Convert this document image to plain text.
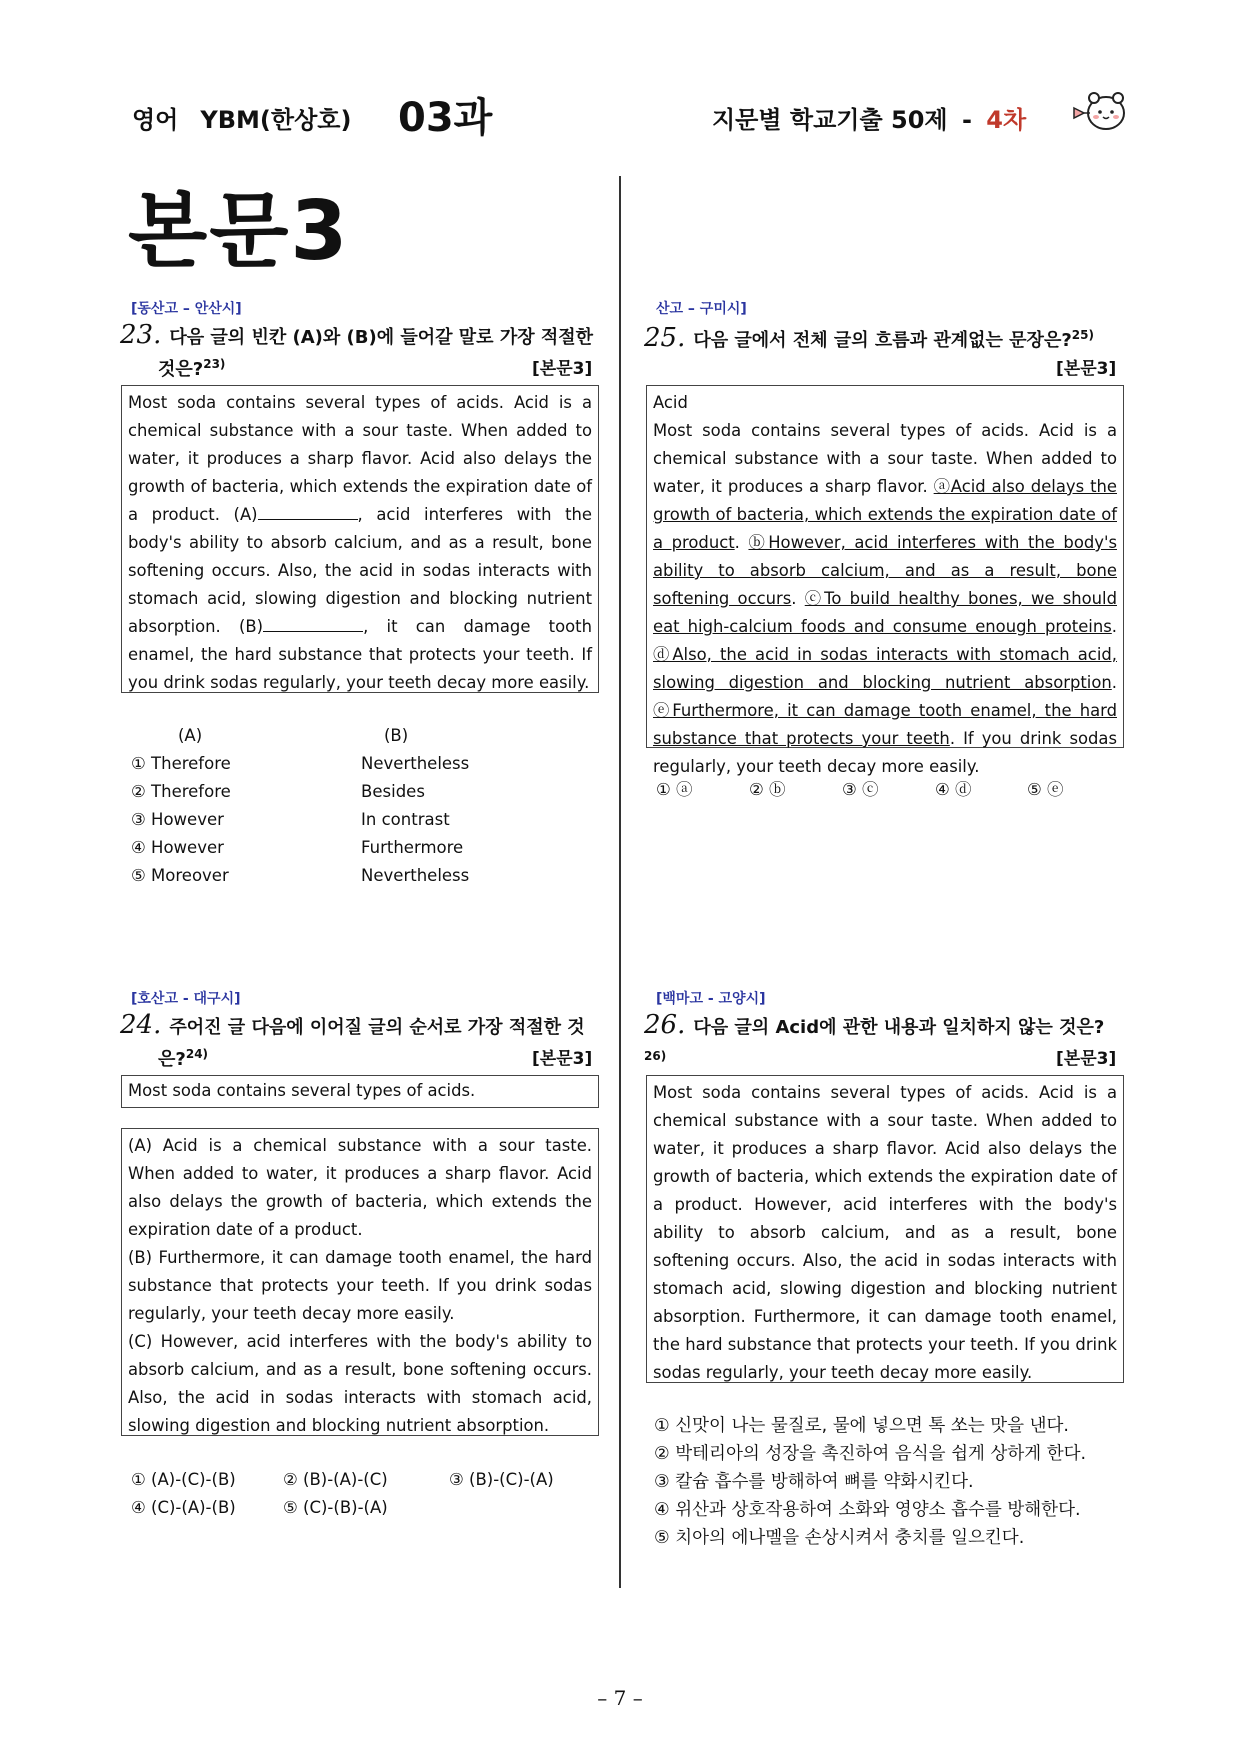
영어 YBM(한상호) 03과	지문별 학교기출 50제 - 4차
본문3
[동산고 – 안산시]
23. 다음 글의 빈칸 (A)와 (B)에 들어갈 말로 가장 적절한
것은?$^{23)}$	[본문3]
Most soda contains several types of acids. Acid is a chemical substance with a sour taste. When added to water, it produces a sharp flavor. Acid also delays the growth of bacteria, which extends the expiration date of a product. (A)	, acid interferes with the body's ability to absorb calcium, and as a result, bone softening occurs. Also, the acid in sodas interacts with stomach acid, slowing digestion and blocking nutrient absorption. (B)	, it can damage tooth enamel, the hard substance that protects your teeth. If you drink sodas regularly, your teeth decay more easily.
(A)	(B)
① Therefore	Nevertheless
② Therefore	Besides
③ However	In contrast
④ However	Furthermore
⑤ Moreover	Nevertheless
[호산고 - 대구시]
24. 주어진 글 다음에 이어질 글의 순서로 가장 적절한 것
은?$^{24)}$	[본문3]
Most soda contains several types of acids.
(A) Acid is a chemical substance with a sour taste. When added to water, it produces a sharp flavor. Acid also delays the growth of bacteria, which extends the expiration date of a product.
(B) Furthermore, it can damage tooth enamel, the hard substance that protects your teeth. If you drink sodas regularly, your teeth decay more easily.
(C) However, acid interferes with the body's ability to absorb calcium, and as a result, bone softening occurs. Also, the acid in sodas interacts with stomach acid, slowing digestion and blocking nutrient absorption.
① (A)-(C)-(B)	② (B)-(A)-(C)	③ (B)-(C)-(A)
④ (C)-(A)-(B)	⑤ (C)-(B)-(A)
산고 – 구미시]
25. 다음 글에서 전체 글의 흐름과 관계없는 문장은?$^{25)}$
[본문3]
Acid
Most soda contains several types of acids. Acid is a chemical substance with a sour taste. When added to water, it produces a sharp flavor. ⓐAcid also delays the growth of bacteria, which extends the expiration date of a product. ⓑHowever, acid interferes with the body's ability to absorb calcium, and as a result, bone softening occurs. ⓒTo build healthy bones, we should eat high-calcium foods and consume enough proteins. ⓓAlso, the acid in sodas interacts with stomach acid, slowing digestion and blocking nutrient absorption. ⓔFurthermore, it can damage tooth enamel, the hard substance that protects your teeth. If you drink sodas regularly, your teeth decay more easily.
① ⓐ	② ⓑ	③ ⓒ	④ ⓓ	⑤ ⓔ
[백마고 - 고양시]
26. 다음 글의 Acid에 관한 내용과 일치하지 않는 것은?$^{26)}$	[본문3]
Most soda contains several types of acids. Acid is a chemical substance with a sour taste. When added to water, it produces a sharp flavor. Acid also delays the growth of bacteria, which extends the expiration date of a product. However, acid interferes with the body's ability to absorb calcium, and as a result, bone softening occurs. Also, the acid in sodas interacts with stomach acid, slowing digestion and blocking nutrient absorption. Furthermore, it can damage tooth enamel, the hard substance that protects your teeth. If you drink sodas regularly, your teeth decay more easily.
① 신맛이 나는 물질로, 물에 넣으면 톡 쏘는 맛을 낸다.
② 박테리아의 성장을 촉진하여 음식을 쉽게 상하게 한다.
③ 칼슘 흡수를 방해하여 뼈를 약화시킨다.
④ 위산과 상호작용하여 소화와 영양소 흡수를 방해한다.
⑤ 치아의 에나멜을 손상시켜서 충치를 일으킨다.
– 7 –
